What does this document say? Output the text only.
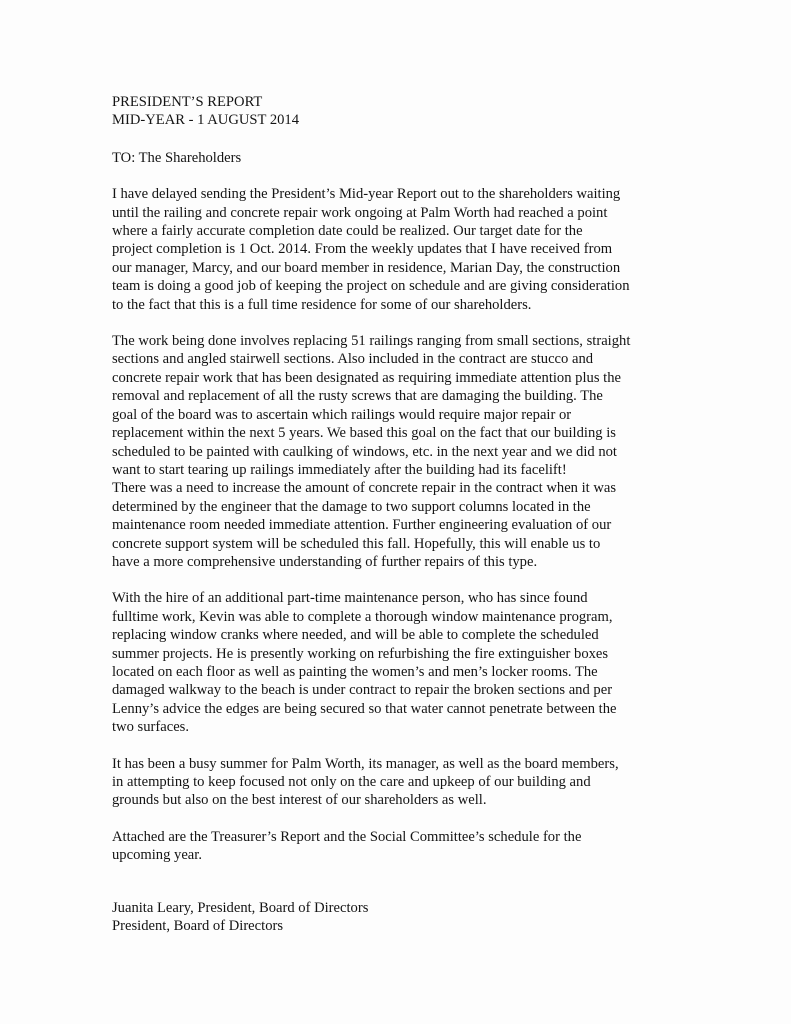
PRESIDENT’S REPORT
MID-YEAR - 1 AUGUST 2014
TO: The Shareholders
I have delayed sending the President’s Mid-year Report out to the shareholders waiting
until the railing and concrete repair work ongoing at Palm Worth had reached a point
where a fairly accurate completion date could be realized. Our target date for the
project completion is 1 Oct. 2014. From the weekly updates that I have received from
our manager, Marcy, and our board member in residence, Marian Day, the construction
team is doing a good job of keeping the project on schedule and are giving consideration
to the fact that this is a full time residence for some of our shareholders.
The work being done involves replacing 51 railings ranging from small sections, straight
sections and angled stairwell sections. Also included in the contract are stucco and
concrete repair work that has been designated as requiring immediate attention plus the
removal and replacement of all the rusty screws that are damaging the building. The
goal of the board was to ascertain which railings would require major repair or
replacement within the next 5 years. We based this goal on the fact that our building is
scheduled to be painted with caulking of windows, etc. in the next year and we did not
want to start tearing up railings immediately after the building had its facelift!
There was a need to increase the amount of concrete repair in the contract when it was
determined by the engineer that the damage to two support columns located in the
maintenance room needed immediate attention. Further engineering evaluation of our
concrete support system will be scheduled this fall. Hopefully, this will enable us to
have a more comprehensive understanding of further repairs of this type.
With the hire of an additional part-time maintenance person, who has since found
fulltime work, Kevin was able to complete a thorough window maintenance program,
replacing window cranks where needed, and will be able to complete the scheduled
summer projects. He is presently working on refurbishing the fire extinguisher boxes
located on each floor as well as painting the women’s and men’s locker rooms. The
damaged walkway to the beach is under contract to repair the broken sections and per
Lenny’s advice the edges are being secured so that water cannot penetrate between the
two surfaces.
It has been a busy summer for Palm Worth, its manager, as well as the board members,
in attempting to keep focused not only on the care and upkeep of our building and
grounds but also on the best interest of our shareholders as well.
Attached are the Treasurer’s Report and the Social Committee’s schedule for the
upcoming year.
Juanita Leary, President, Board of Directors
President, Board of Directors
